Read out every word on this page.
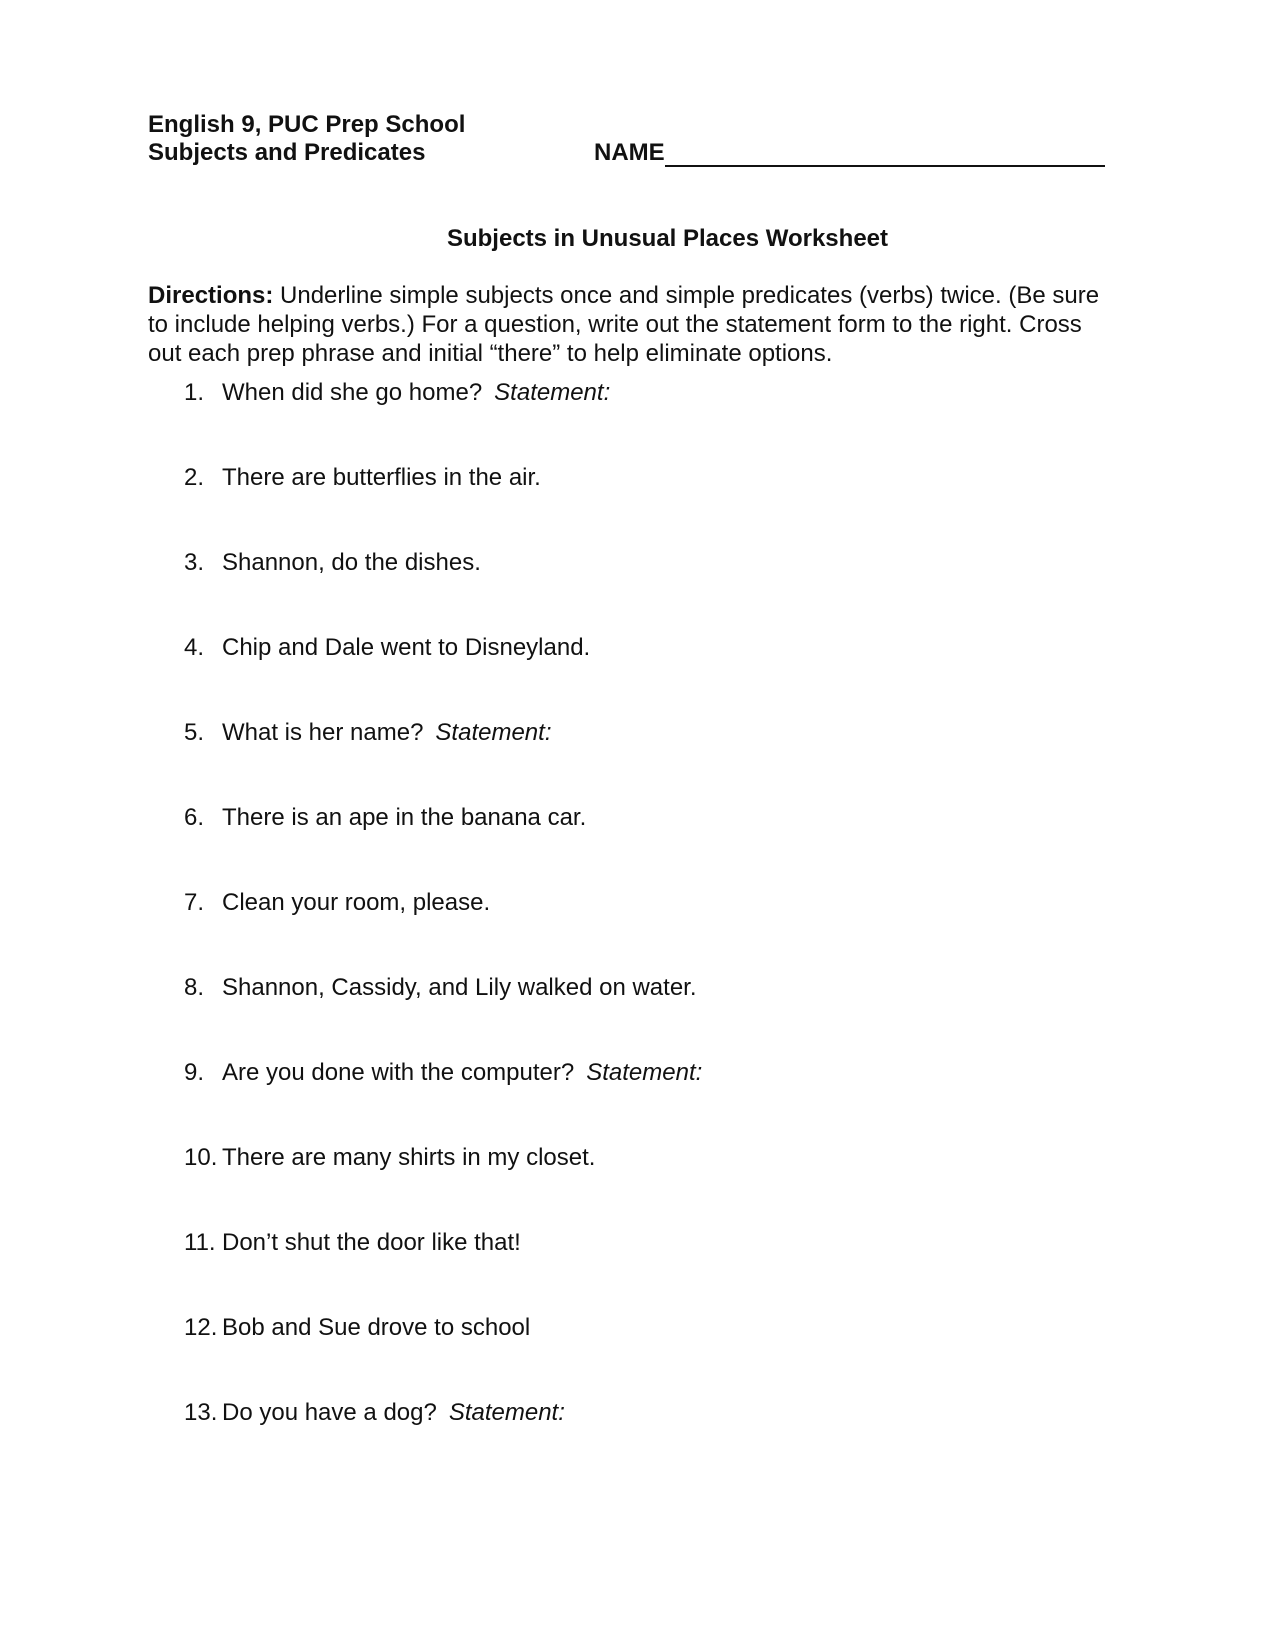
English 9, PUC Prep School
Subjects and Predicates	NAME
Subjects in Unusual Places Worksheet
Directions: Underline simple subjects once and simple predicates (verbs) twice. (Be sure to include helping verbs.) For a question, write out the statement form to the right. Cross out each prep phrase and initial “there” to help eliminate options.
1. When did she go home? Statement:
2. There are butterflies in the air.
3. Shannon, do the dishes.
4. Chip and Dale went to Disneyland.
5. What is her name? Statement:
6. There is an ape in the banana car.
7. Clean your room, please.
8. Shannon, Cassidy, and Lily walked on water.
9. Are you done with the computer? Statement:
10. There are many shirts in my closet.
11. Don’t shut the door like that!
12. Bob and Sue drove to school
13. Do you have a dog? Statement:
